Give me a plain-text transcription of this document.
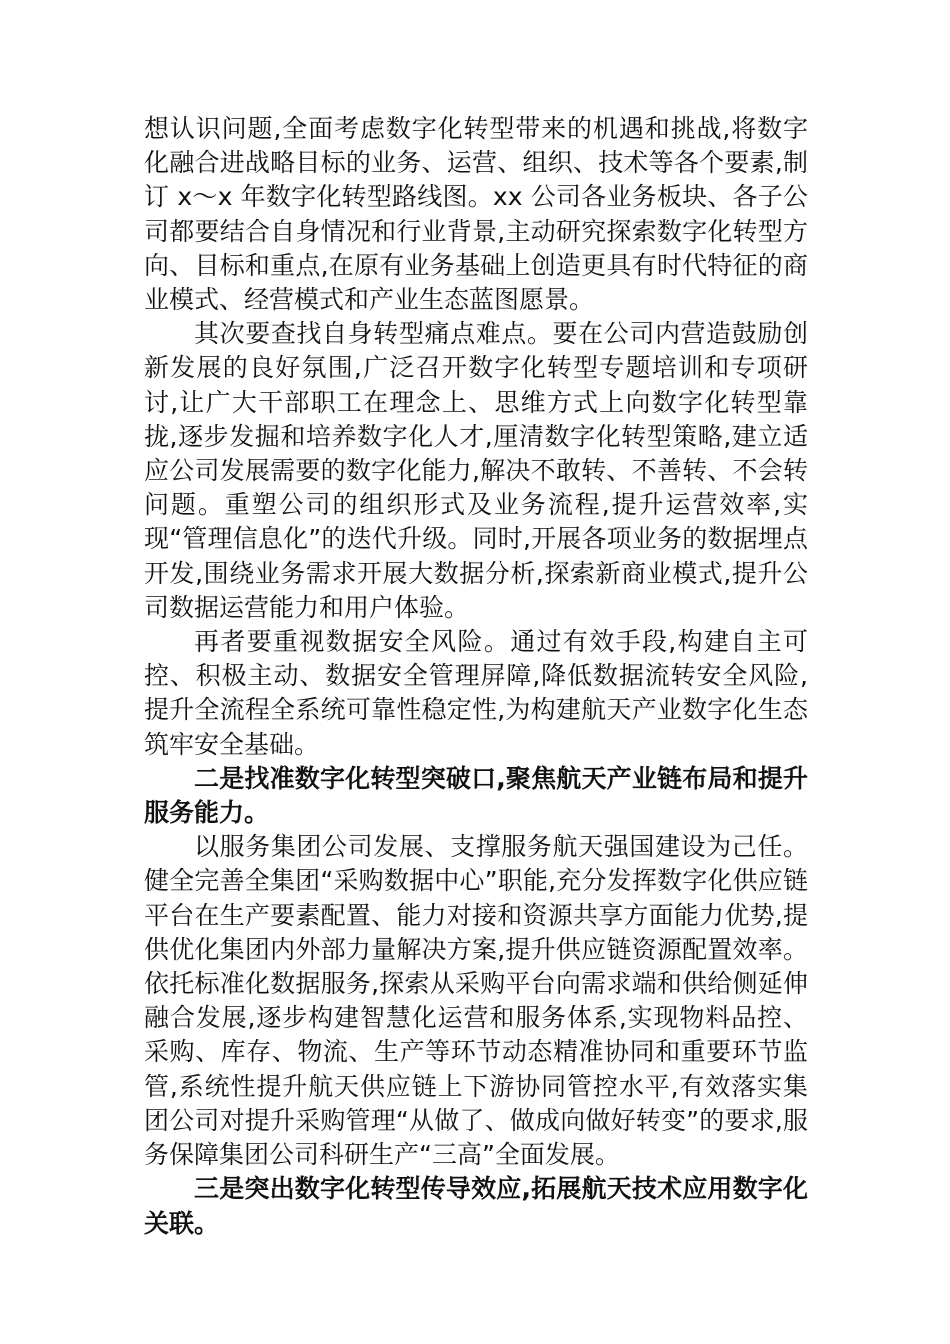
想认识问题,全面考虑数字化转型带来的机遇和挑战,将数字化融合进战略目标的业务、运营、组织、技术等各个要素,制订 x～x 年数字化转型路线图。xx 公司各业务板块、各子公司都要结合自身情况和行业背景,主动研究探索数字化转型方向、目标和重点,在原有业务基础上创造更具有时代特征的商业模式、经营模式和产业生态蓝图愿景。

其次要查找自身转型痛点难点。要在公司内营造鼓励创新发展的良好氛围,广泛召开数字化转型专题培训和专项研讨,让广大干部职工在理念上、思维方式上向数字化转型靠拢,逐步发掘和培养数字化人才,厘清数字化转型策略,建立适应公司发展需要的数字化能力,解决不敢转、不善转、不会转问题。重塑公司的组织形式及业务流程,提升运营效率,实现“管理信息化”的迭代升级。同时,开展各项业务的数据埋点开发,围绕业务需求开展大数据分析,探索新商业模式,提升公司数据运营能力和用户体验。

再者要重视数据安全风险。通过有效手段,构建自主可控、积极主动、数据安全管理屏障,降低数据流转安全风险,提升全流程全系统可靠性稳定性,为构建航天产业数字化生态筑牢安全基础。

二是找准数字化转型突破口,聚焦航天产业链布局和提升服务能力。

以服务集团公司发展、支撑服务航天强国建设为己任。健全完善全集团“采购数据中心”职能,充分发挥数字化供应链平台在生产要素配置、能力对接和资源共享方面能力优势,提供优化集团内外部力量解决方案,提升供应链资源配置效率。依托标准化数据服务,探索从采购平台向需求端和供给侧延伸融合发展,逐步构建智慧化运营和服务体系,实现物料品控、采购、库存、物流、生产等环节动态精准协同和重要环节监管,系统性提升航天供应链上下游协同管控水平,有效落实集团公司对提升采购管理“从做了、做成向做好转变”的要求,服务保障集团公司科研生产“三高”全面发展。

三是突出数字化转型传导效应,拓展航天技术应用数字化关联。
